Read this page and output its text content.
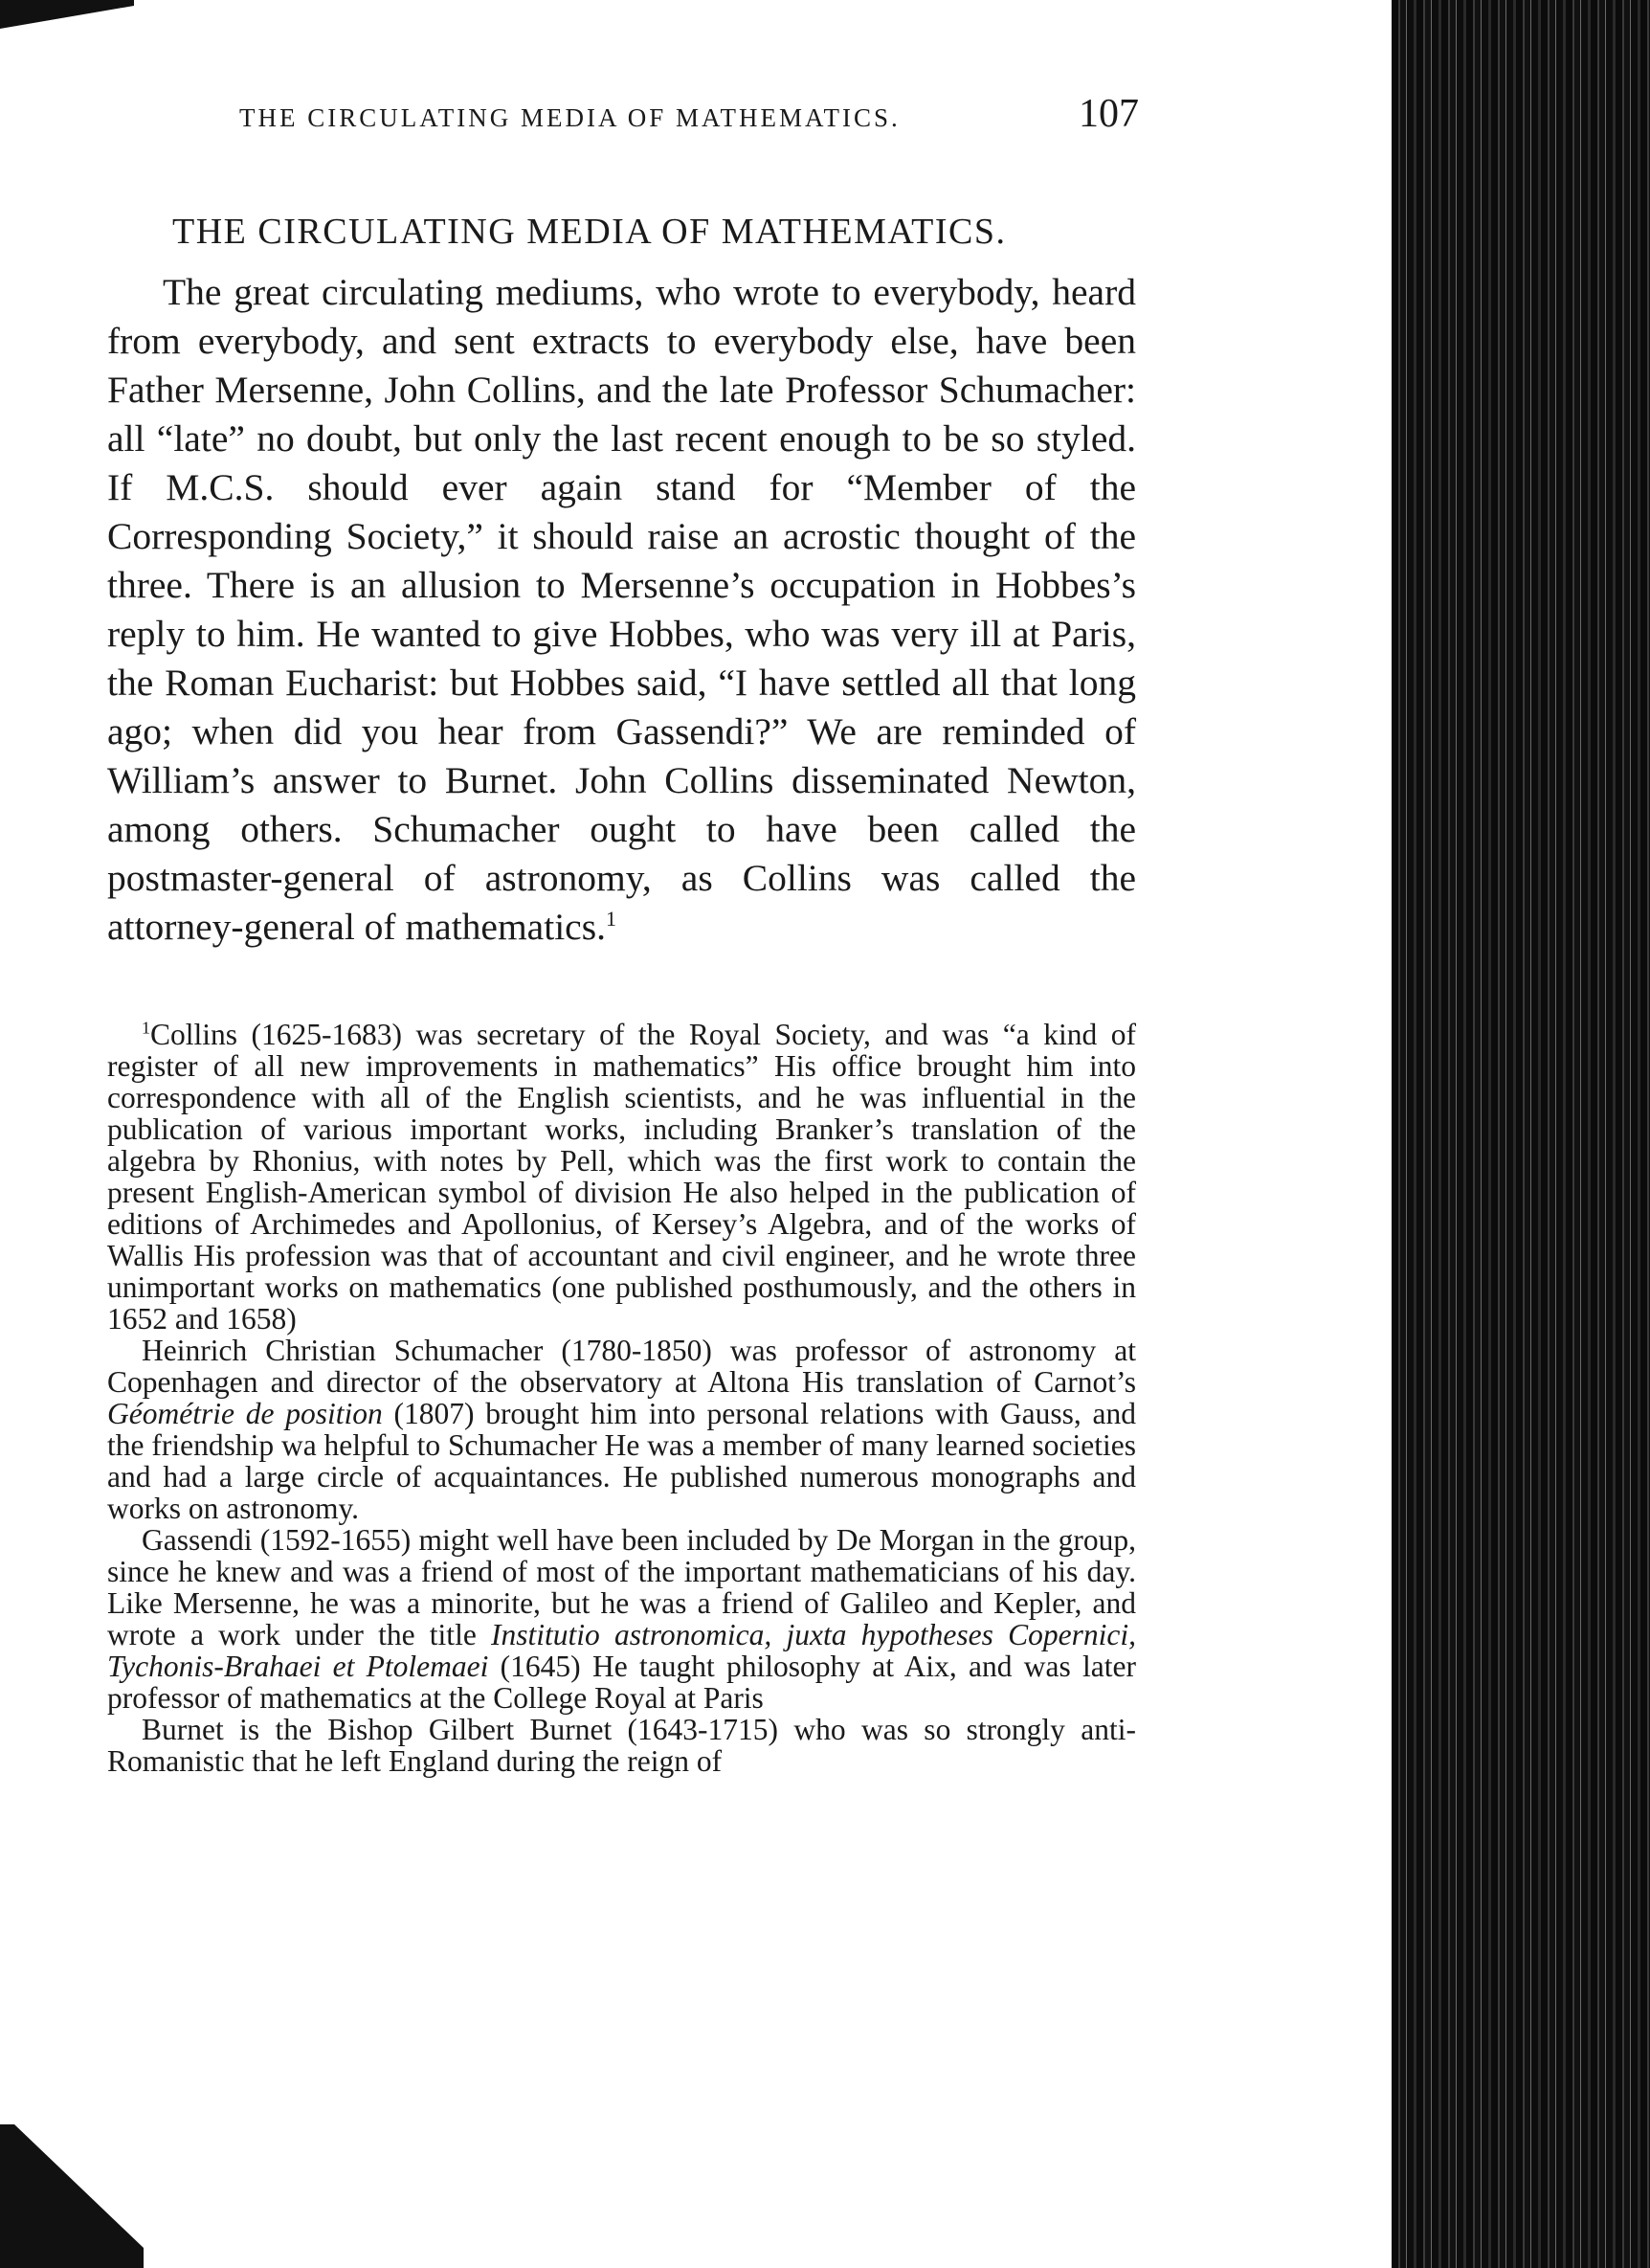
THE CIRCULATING MEDIA OF MATHEMATICS.	107
THE CIRCULATING MEDIA OF MATHEMATICS.

The great circulating mediums, who wrote to everybody, heard from everybody, and sent extracts to everybody else, have been Father Mersenne, John Collins, and the late Professor Schumacher: all “late” no doubt, but only the last recent enough to be so styled. If M.C.S. should ever again stand for “Member of the Corresponding Society,” it should raise an acrostic thought of the three. There is an allusion to Mersenne’s occupation in Hobbes’s reply to him. He wanted to give Hobbes, who was very ill at Paris, the Roman Eucharist: but Hobbes said, “I have settled all that long ago; when did you hear from Gassendi?” We are reminded of William’s answer to Burnet. John Collins disseminated Newton, among others. Schumacher ought to have been called the postmaster-general of astronomy, as Collins was called the attorney-general of mathematics.$^1$

$^1$Collins (1625-1683) was secretary of the Royal Society, and was “a kind of register of all new improvements in mathematics” His office brought him into correspondence with all of the English scientists, and he was influential in the publication of various important works, including Branker’s translation of the algebra by Rhonius, with notes by Pell, which was the first work to contain the present English-American symbol of division He also helped in the publication of editions of Archimedes and Apollonius, of Kersey’s Algebra, and of the works of Wallis His profession was that of accountant and civil engineer, and he wrote three unimportant works on mathematics (one published posthumously, and the others in 1652 and 1658)

Heinrich Christian Schumacher (1780-1850) was professor of astronomy at Copenhagen and director of the observatory at Altona His translation of Carnot’s Géométrie de position (1807) brought him into personal relations with Gauss, and the friendship wa helpful to Schumacher He was a member of many learned societies and had a large circle of acquaintances. He published numerous monographs and works on astronomy.

Gassendi (1592-1655) might well have been included by De Morgan in the group, since he knew and was a friend of most of the important mathematicians of his day. Like Mersenne, he was a minorite, but he was a friend of Galileo and Kepler, and wrote a work under the title Institutio astronomica, juxta hypotheses Copernici, Tychonis-Brahaei et Ptolemaei (1645) He taught philosophy at Aix, and was later professor of mathematics at the College Royal at Paris

Burnet is the Bishop Gilbert Burnet (1643-1715) who was so strongly anti-Romanistic that he left England during the reign of
